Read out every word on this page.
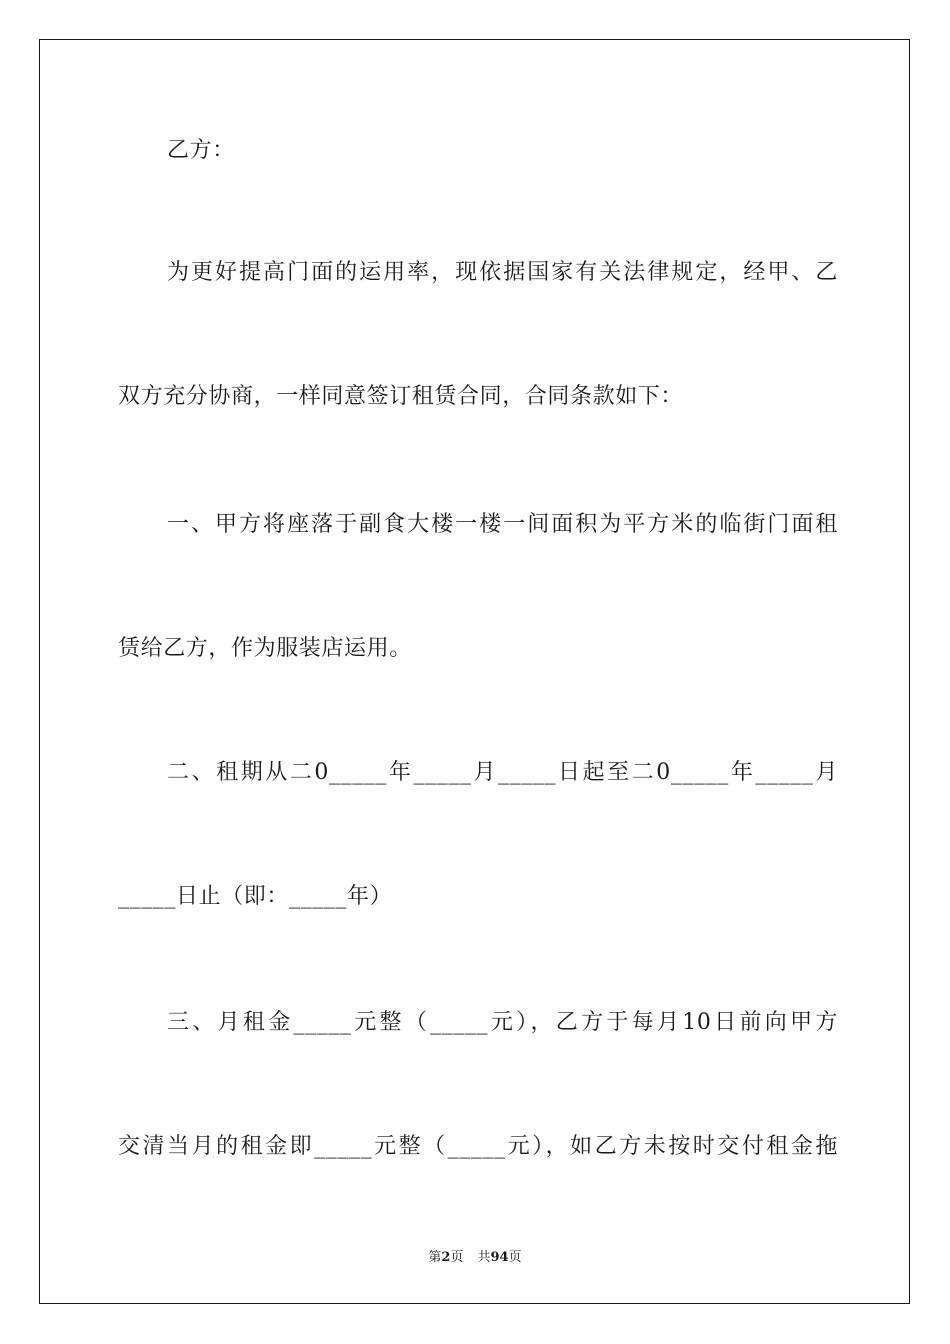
乙方：

为更好提高门面的运用率，现依据国家有关法律规定，经甲、乙

双方充分协商，一样同意签订租赁合同，合同条款如下：

一、甲方将座落于副食大楼一楼一间面积为平方米的临街门面租

赁给乙方，作为服装店运用。

二、租期从二0_____年_____月_____日起至二0_____年_____月

_____日止（即：_____年）

三、月租金_____元整（_____元），乙方于每月10日前向甲方

交清当月的租金即_____元整（_____元），如乙方未按时交付租金拖

第2页 共94页
